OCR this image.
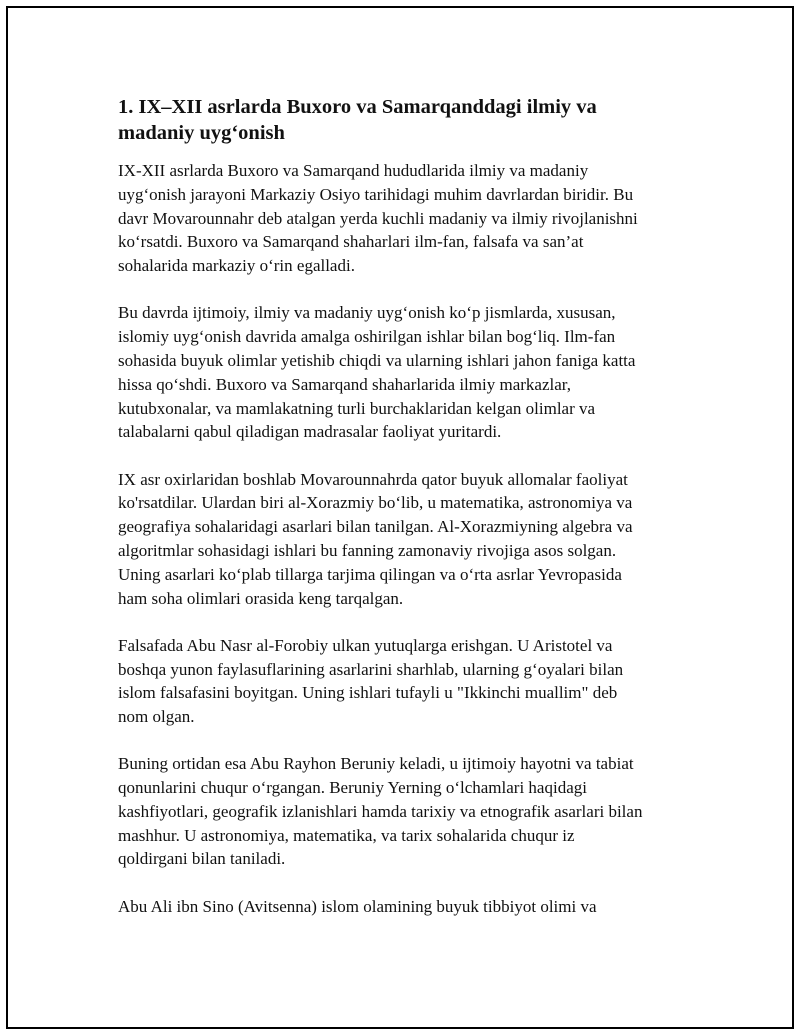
1. IX–XII asrlarda Buxoro va Samarqanddagi ilmiy va
madaniy uyg‘onish

IX-XII asrlarda Buxoro va Samarqand hududlarida ilmiy va madaniy
uyg‘onish jarayoni Markaziy Osiyo tarihidagi muhim davrlardan biridir. Bu
davr Movarounnahr deb atalgan yerda kuchli madaniy va ilmiy rivojlanishni
ko‘rsatdi. Buxoro va Samarqand shaharlari ilm-fan, falsafa va san’at
sohalarida markaziy o‘rin egalladi.

Bu davrda ijtimoiy, ilmiy va madaniy uyg‘onish ko‘p jismlarda, xususan,
islomiy uyg‘onish davrida amalga oshirilgan ishlar bilan bog‘liq. Ilm-fan
sohasida buyuk olimlar yetishib chiqdi va ularning ishlari jahon faniga katta
hissa qo‘shdi. Buxoro va Samarqand shaharlarida ilmiy markazlar,
kutubxonalar, va mamlakatning turli burchaklaridan kelgan olimlar va
talabalarni qabul qiladigan madrasalar faoliyat yuritardi.

IX asr oxirlaridan boshlab Movarounnahrda qator buyuk allomalar faoliyat
ko'rsatdilar. Ulardan biri al-Xorazmiy bo‘lib, u matematika, astronomiya va
geografiya sohalaridagi asarlari bilan tanilgan. Al-Xorazmiyning algebra va
algoritmlar sohasidagi ishlari bu fanning zamonaviy rivojiga asos solgan.
Uning asarlari ko‘plab tillarga tarjima qilingan va o‘rta asrlar Yevropasida
ham soha olimlari orasida keng tarqalgan.

Falsafada Abu Nasr al-Forobiy ulkan yutuqlarga erishgan. U Aristotel va
boshqa yunon faylasuflarining asarlarini sharhlab, ularning g‘oyalari bilan
islom falsafasini boyitgan. Uning ishlari tufayli u "Ikkinchi muallim" deb
nom olgan.

Buning ortidan esa Abu Rayhon Beruniy keladi, u ijtimoiy hayotni va tabiat
qonunlarini chuqur o‘rgangan. Beruniy Yerning o‘lchamlari haqidagi
kashfiyotlari, geografik izlanishlari hamda tarixiy va etnografik asarlari bilan
mashhur. U astronomiya, matematika, va tarix sohalarida chuqur iz
qoldirgani bilan taniladi.

Abu Ali ibn Sino (Avitsenna) islom olamining buyuk tibbiyot olimi va
